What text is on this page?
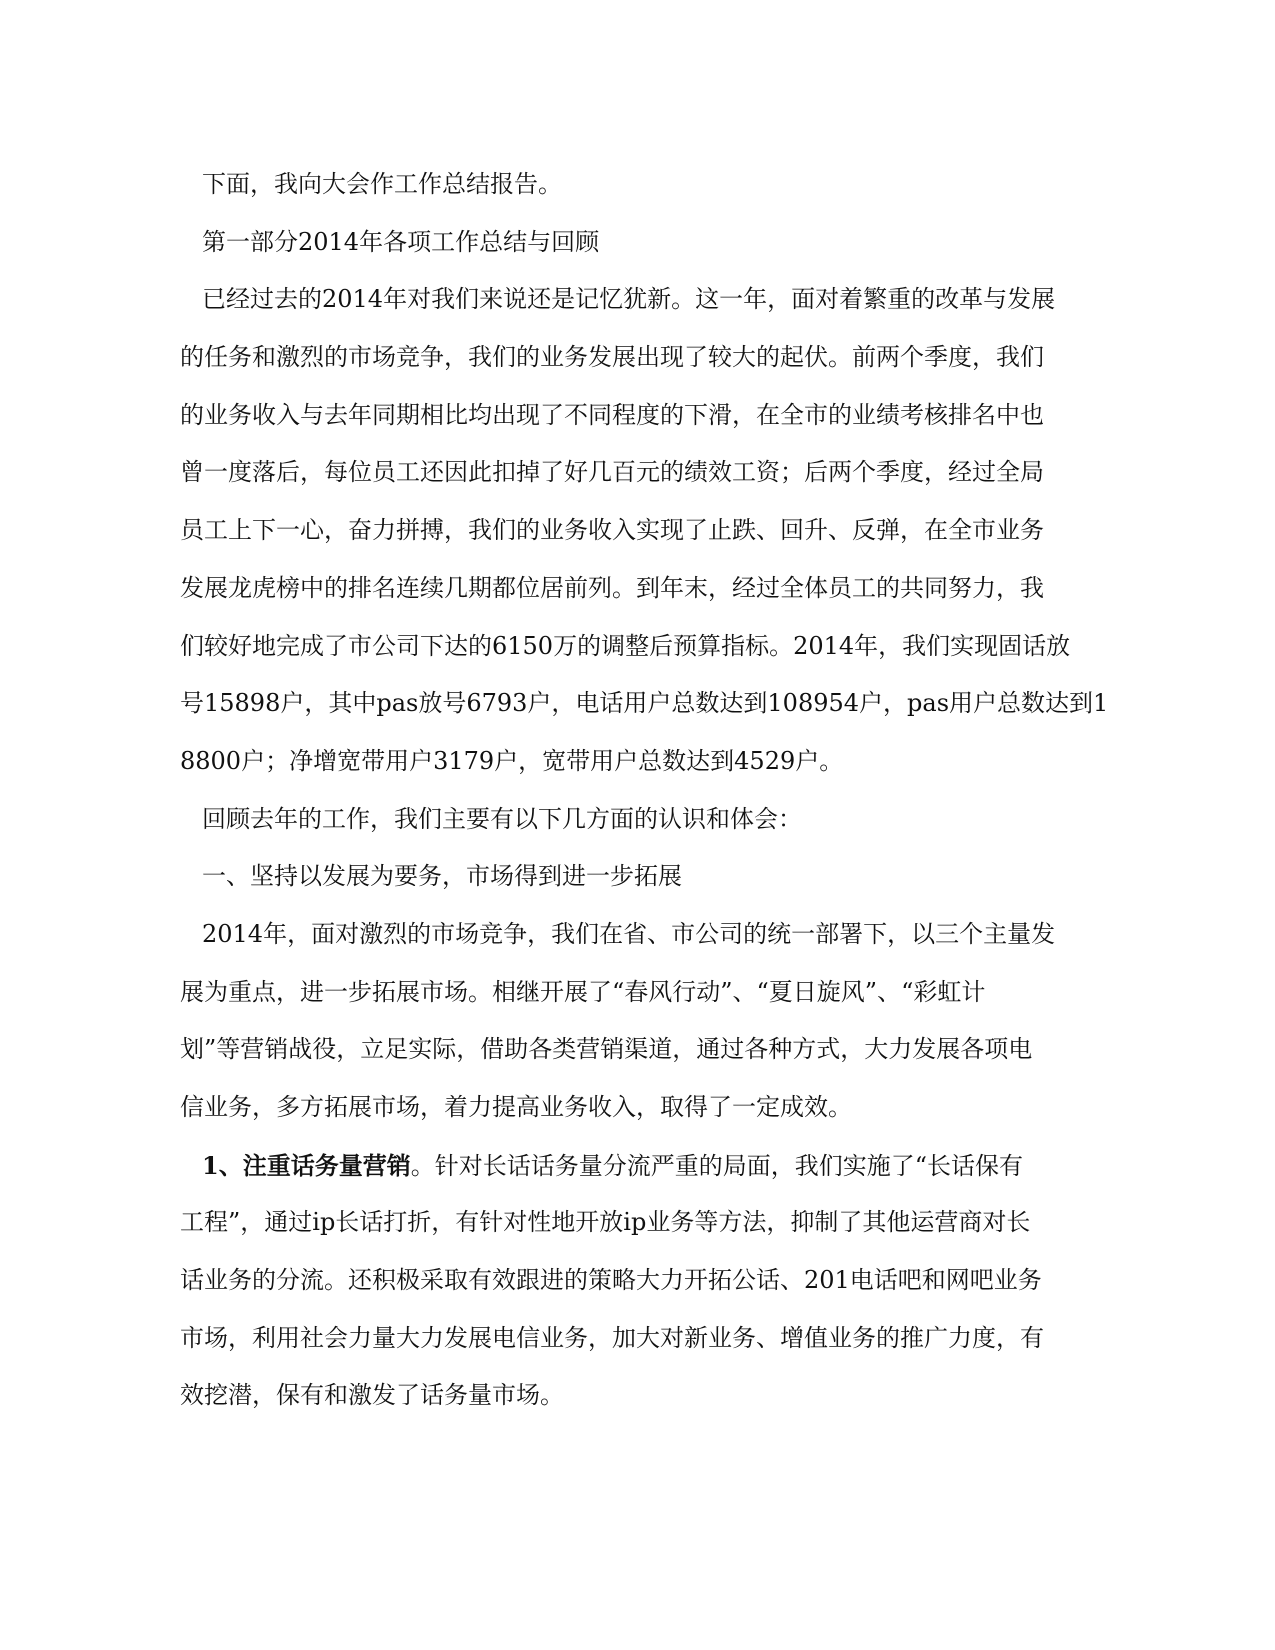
下面，我向大会作工作总结报告。
第一部分2014年各项工作总结与回顾
已经过去的2014年对我们来说还是记忆犹新。这一年，面对着繁重的改革与发展
的任务和激烈的市场竞争，我们的业务发展出现了较大的起伏。前两个季度，我们
的业务收入与去年同期相比均出现了不同程度的下滑，在全市的业绩考核排名中也
曾一度落后，每位员工还因此扣掉了好几百元的绩效工资；后两个季度，经过全局
员工上下一心，奋力拼搏，我们的业务收入实现了止跌、回升、反弹，在全市业务
发展龙虎榜中的排名连续几期都位居前列。到年末，经过全体员工的共同努力，我
们较好地完成了市公司下达的6150万的调整后预算指标。2014年，我们实现固话放
号15898户，其中pas放号6793户，电话用户总数达到108954户，pas用户总数达到1
8800户；净增宽带用户3179户，宽带用户总数达到4529户。
回顾去年的工作，我们主要有以下几方面的认识和体会：
一、坚持以发展为要务，市场得到进一步拓展
2014年，面对激烈的市场竞争，我们在省、市公司的统一部署下，以三个主量发
展为重点，进一步拓展市场。相继开展了“春风行动”、“夏日旋风”、“彩虹计
划”等营销战役，立足实际，借助各类营销渠道，通过各种方式，大力发展各项电
信业务，多方拓展市场，着力提高业务收入，取得了一定成效。
1、注重话务量营销。针对长话话务量分流严重的局面，我们实施了“长话保有
工程”，通过ip长话打折，有针对性地开放ip业务等方法，抑制了其他运营商对长
话业务的分流。还积极采取有效跟进的策略大力开拓公话、201电话吧和网吧业务
市场，利用社会力量大力发展电信业务，加大对新业务、增值业务的推广力度，有
效挖潜，保有和激发了话务量市场。
